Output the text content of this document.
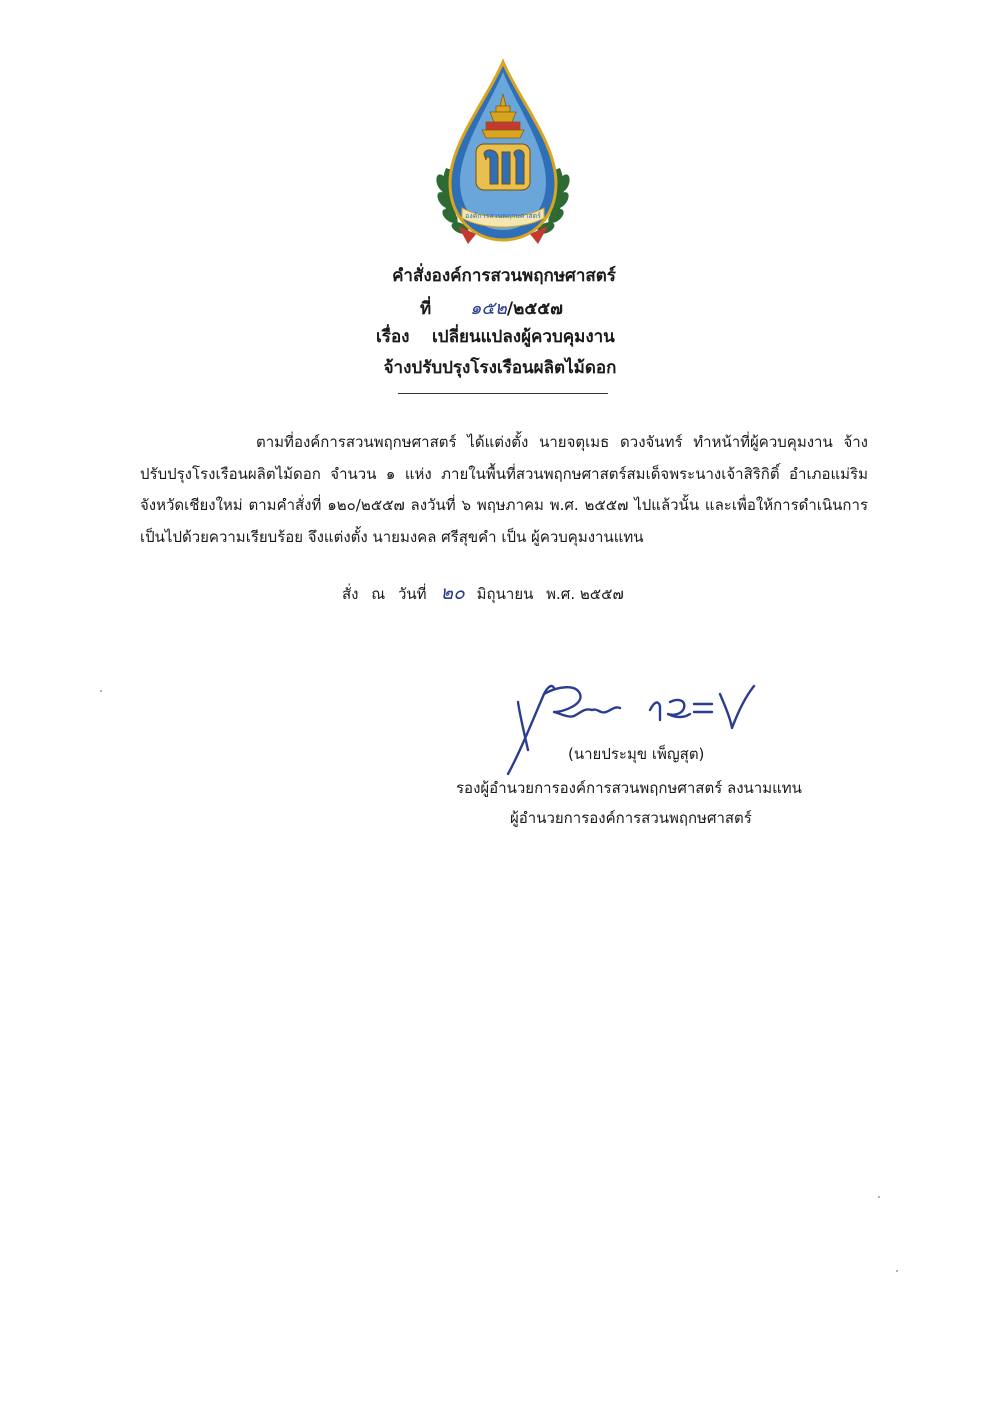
องค์การสวนพฤกษศาสตร์
คำสั่งองค์การสวนพฤกษศาสตร์
ที่ ๑๕๒/๒๕๕๗
เรื่อง เปลี่ยนแปลงผู้ควบคุมงาน
จ้างปรับปรุงโรงเรือนผลิตไม้ดอก

ตามที่องค์การสวนพฤกษศาสตร์ ได้แต่งตั้ง นายจตุเมธ ดวงจันทร์ ทำหน้าที่ผู้ควบคุมงาน จ้างปรับปรุงโรงเรือนผลิตไม้ดอก จำนวน ๑ แห่ง ภายในพื้นที่สวนพฤกษศาสตร์สมเด็จพระนางเจ้าสิริกิติ์ อำเภอแม่ริม จังหวัดเชียงใหม่ ตามคำสั่งที่ ๑๒๐/๒๕๕๗ ลงวันที่ ๖ พฤษภาคม พ.ศ. ๒๕๕๗ ไปแล้วนั้น และเพื่อให้การดำเนินการเป็นไปด้วยความเรียบร้อย จึงแต่งตั้ง นายมงคล ศรีสุขคำ เป็น ผู้ควบคุมงานแทน

สั่ง ณ วันที่ ๒๐ มิถุนายน พ.ศ. ๒๕๕๗
(นายประมุข เพ็ญสุต)
รองผู้อำนวยการองค์การสวนพฤกษศาสตร์ ลงนามแทน
ผู้อำนวยการองค์การสวนพฤกษศาสตร์
